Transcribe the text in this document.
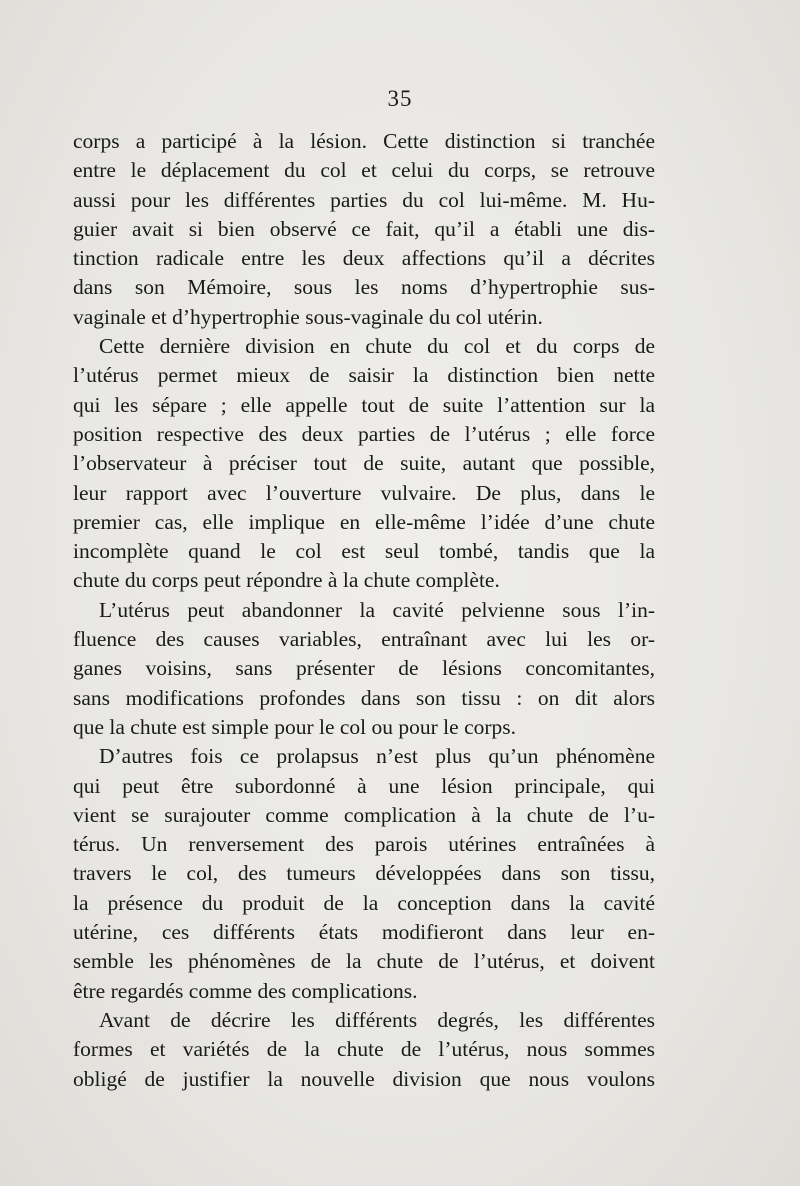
35
corps a participé à la lésion. Cette distinction si tranchée
entre le déplacement du col et celui du corps, se retrouve
aussi pour les différentes parties du col lui-même. M. Hu-
guier avait si bien observé ce fait, qu’il a établi une dis-
tinction radicale entre les deux affections qu’il a décrites
dans son Mémoire, sous les noms d’hypertrophie sus-
vaginale et d’hypertrophie sous-vaginale du col utérin.
Cette dernière division en chute du col et du corps de
l’utérus permet mieux de saisir la distinction bien nette
qui les sépare ; elle appelle tout de suite l’attention sur la
position respective des deux parties de l’utérus ; elle force
l’observateur à préciser tout de suite, autant que possible,
leur rapport avec l’ouverture vulvaire. De plus, dans le
premier cas, elle implique en elle-même l’idée d’une chute
incomplète quand le col est seul tombé, tandis que la
chute du corps peut répondre à la chute complète.
L’utérus peut abandonner la cavité pelvienne sous l’in-
fluence des causes variables, entraînant avec lui les or-
ganes voisins, sans présenter de lésions concomitantes,
sans modifications profondes dans son tissu : on dit alors
que la chute est simple pour le col ou pour le corps.
D’autres fois ce prolapsus n’est plus qu’un phénomène
qui peut être subordonné à une lésion principale, qui
vient se surajouter comme complication à la chute de l’u-
térus. Un renversement des parois utérines entraînées à
travers le col, des tumeurs développées dans son tissu,
la présence du produit de la conception dans la cavité
utérine, ces différents états modifieront dans leur en-
semble les phénomènes de la chute de l’utérus, et doivent
être regardés comme des complications.
Avant de décrire les différents degrés, les différentes
formes et variétés de la chute de l’utérus, nous sommes
obligé de justifier la nouvelle division que nous voulons
